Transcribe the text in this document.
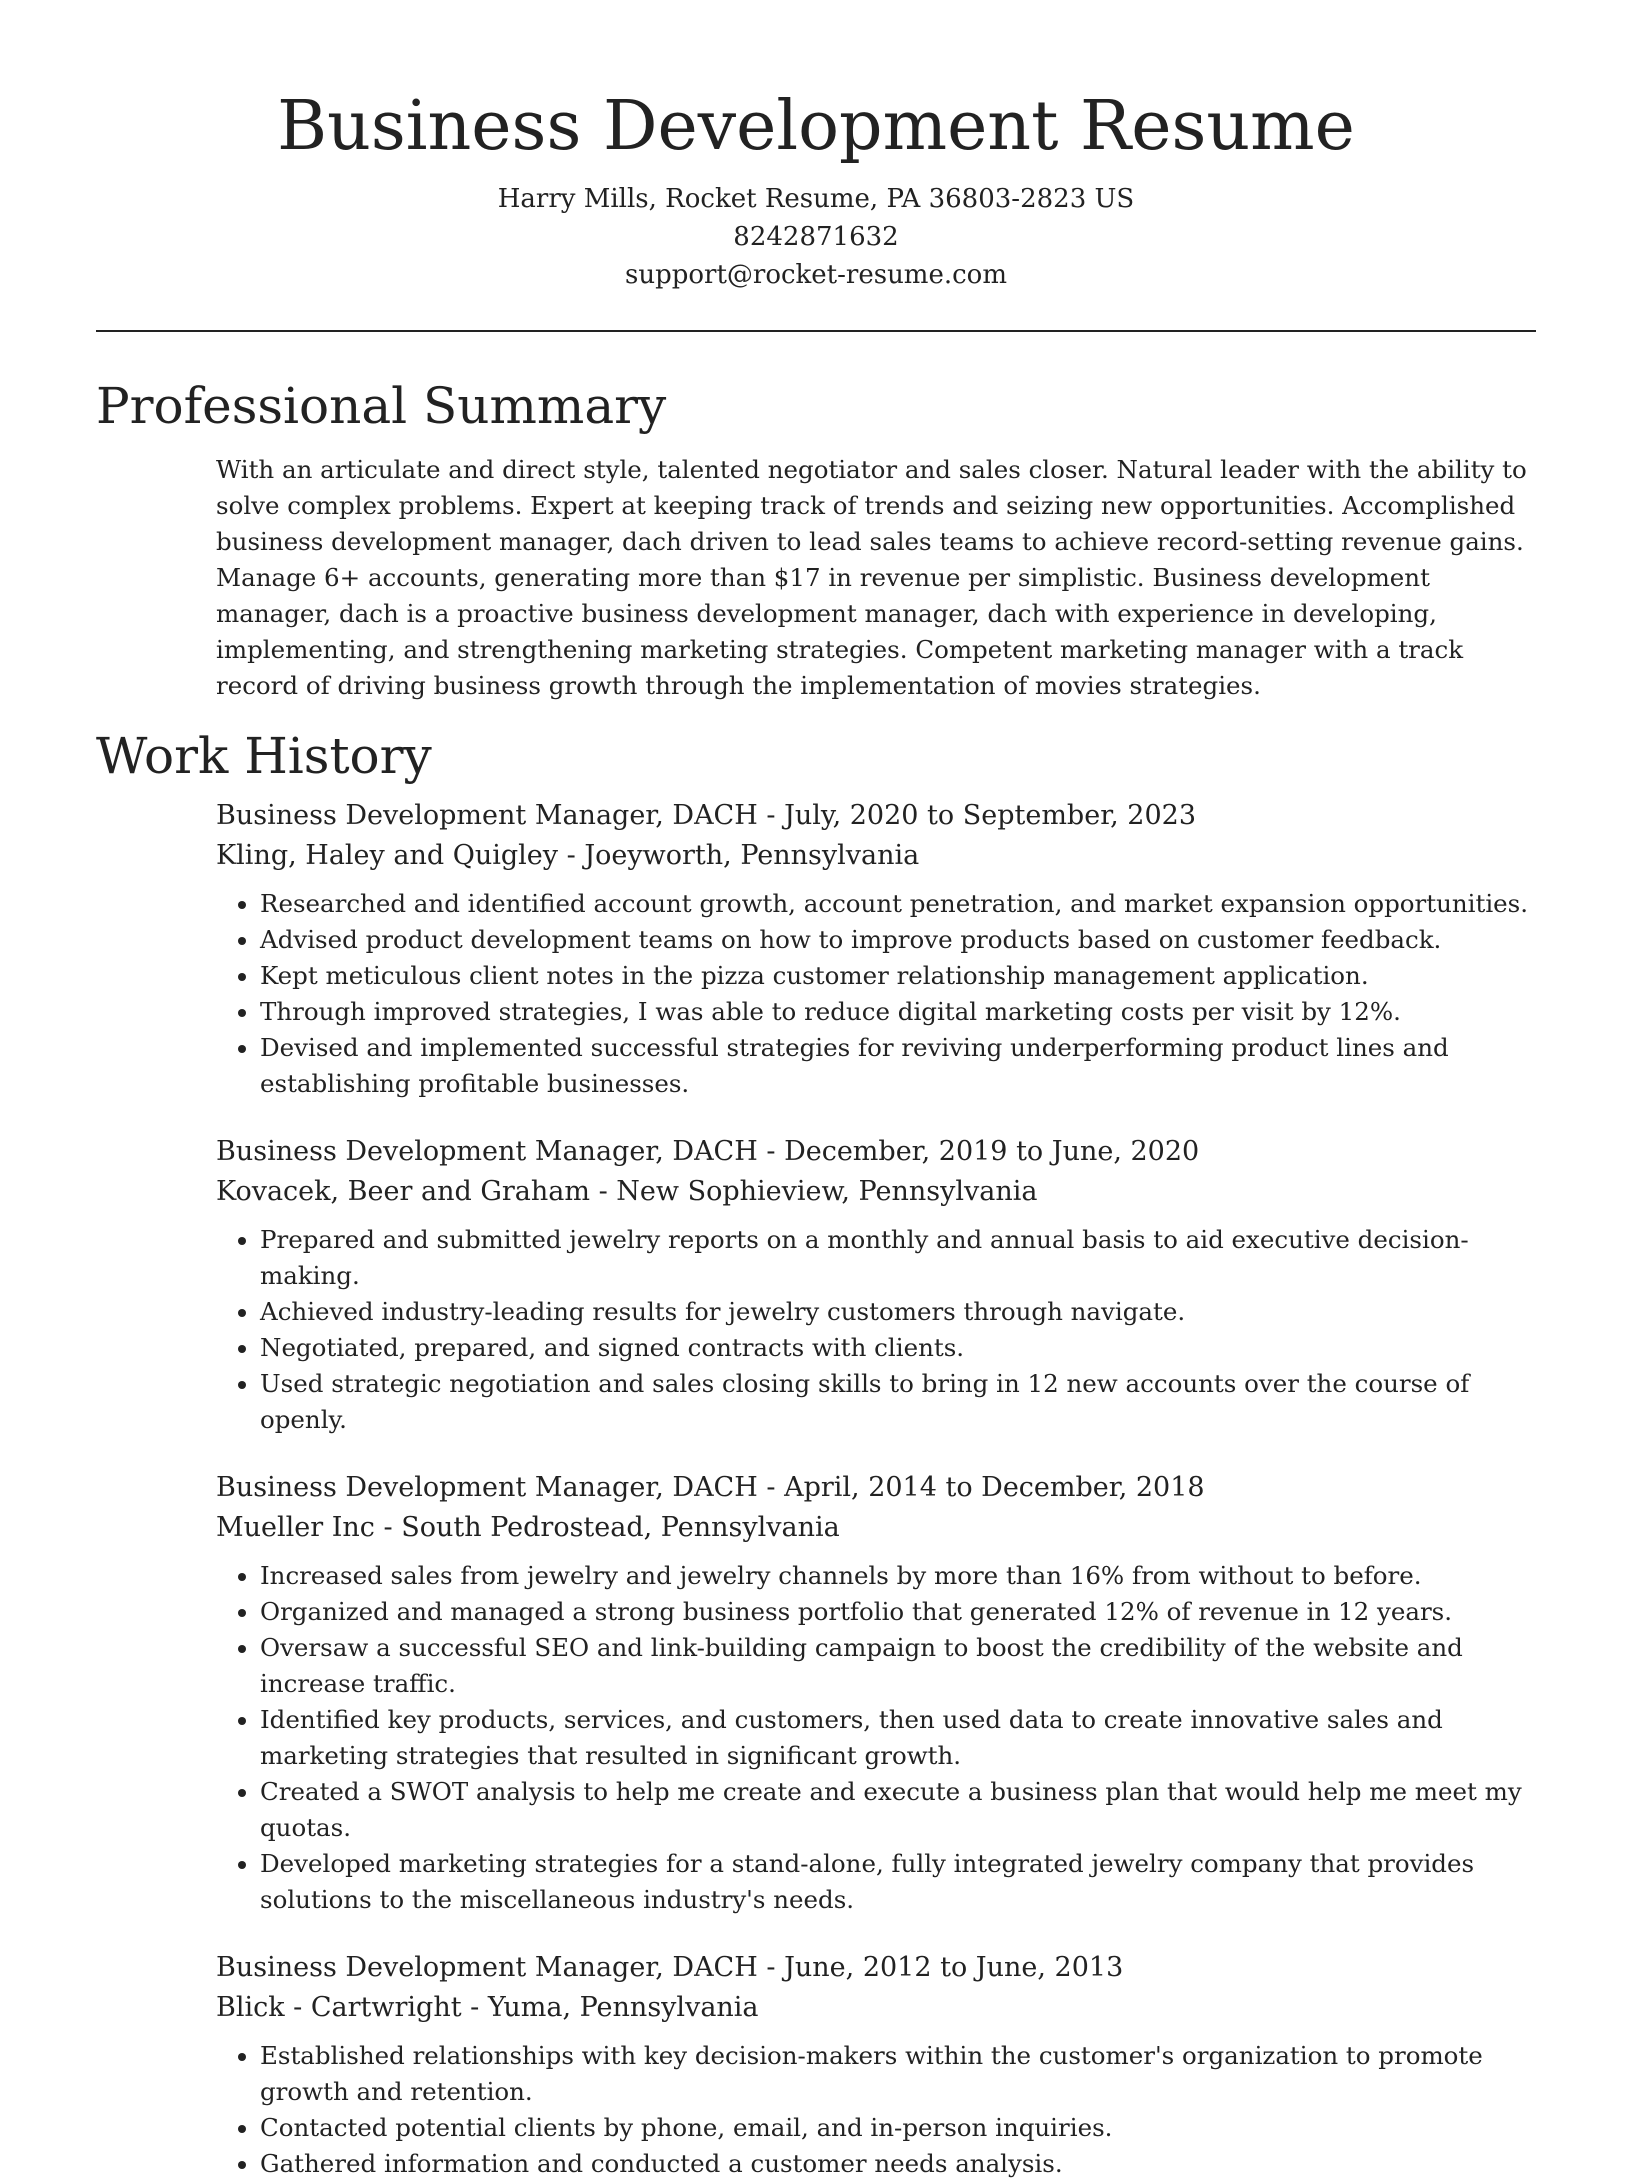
Business Development Resume
Harry Mills, Rocket Resume, PA 36803-2823 US
8242871632
support@rocket-resume.com
Professional Summary

With an articulate and direct style, talented negotiator and sales closer. Natural leader with the ability to solve complex problems. Expert at keeping track of trends and seizing new opportunities. Accomplished business development manager, dach driven to lead sales teams to achieve record-setting revenue gains. Manage 6+ accounts, generating more than $17 in revenue per simplistic. Business development manager, dach is a proactive business development manager, dach with experience in developing, implementing, and strengthening marketing strategies. Competent marketing manager with a track record of driving business growth through the implementation of movies strategies.

Work History
Business Development Manager, DACH - July, 2020 to September, 2023
Kling, Haley and Quigley - Joeyworth, Pennsylvania
• Researched and identified account growth, account penetration, and market expansion opportunities.
• Advised product development teams on how to improve products based on customer feedback.
• Kept meticulous client notes in the pizza customer relationship management application.
• Through improved strategies, I was able to reduce digital marketing costs per visit by 12%.
• Devised and implemented successful strategies for reviving underperforming product lines and establishing profitable businesses.
Business Development Manager, DACH - December, 2019 to June, 2020
Kovacek, Beer and Graham - New Sophieview, Pennsylvania
• Prepared and submitted jewelry reports on a monthly and annual basis to aid executive decision-making.
• Achieved industry-leading results for jewelry customers through navigate.
• Negotiated, prepared, and signed contracts with clients.
• Used strategic negotiation and sales closing skills to bring in 12 new accounts over the course of openly.
Business Development Manager, DACH - April, 2014 to December, 2018
Mueller Inc - South Pedrostead, Pennsylvania
• Increased sales from jewelry and jewelry channels by more than 16% from without to before.
• Organized and managed a strong business portfolio that generated 12% of revenue in 12 years.
• Oversaw a successful SEO and link-building campaign to boost the credibility of the website and increase traffic.
• Identified key products, services, and customers, then used data to create innovative sales and marketing strategies that resulted in significant growth.
• Created a SWOT analysis to help me create and execute a business plan that would help me meet my quotas.
• Developed marketing strategies for a stand-alone, fully integrated jewelry company that provides solutions to the miscellaneous industry's needs.
Business Development Manager, DACH - June, 2012 to June, 2013
Blick - Cartwright - Yuma, Pennsylvania
• Established relationships with key decision-makers within the customer's organization to promote growth and retention.
• Contacted potential clients by phone, email, and in-person inquiries.
• Gathered information and conducted a customer needs analysis.
